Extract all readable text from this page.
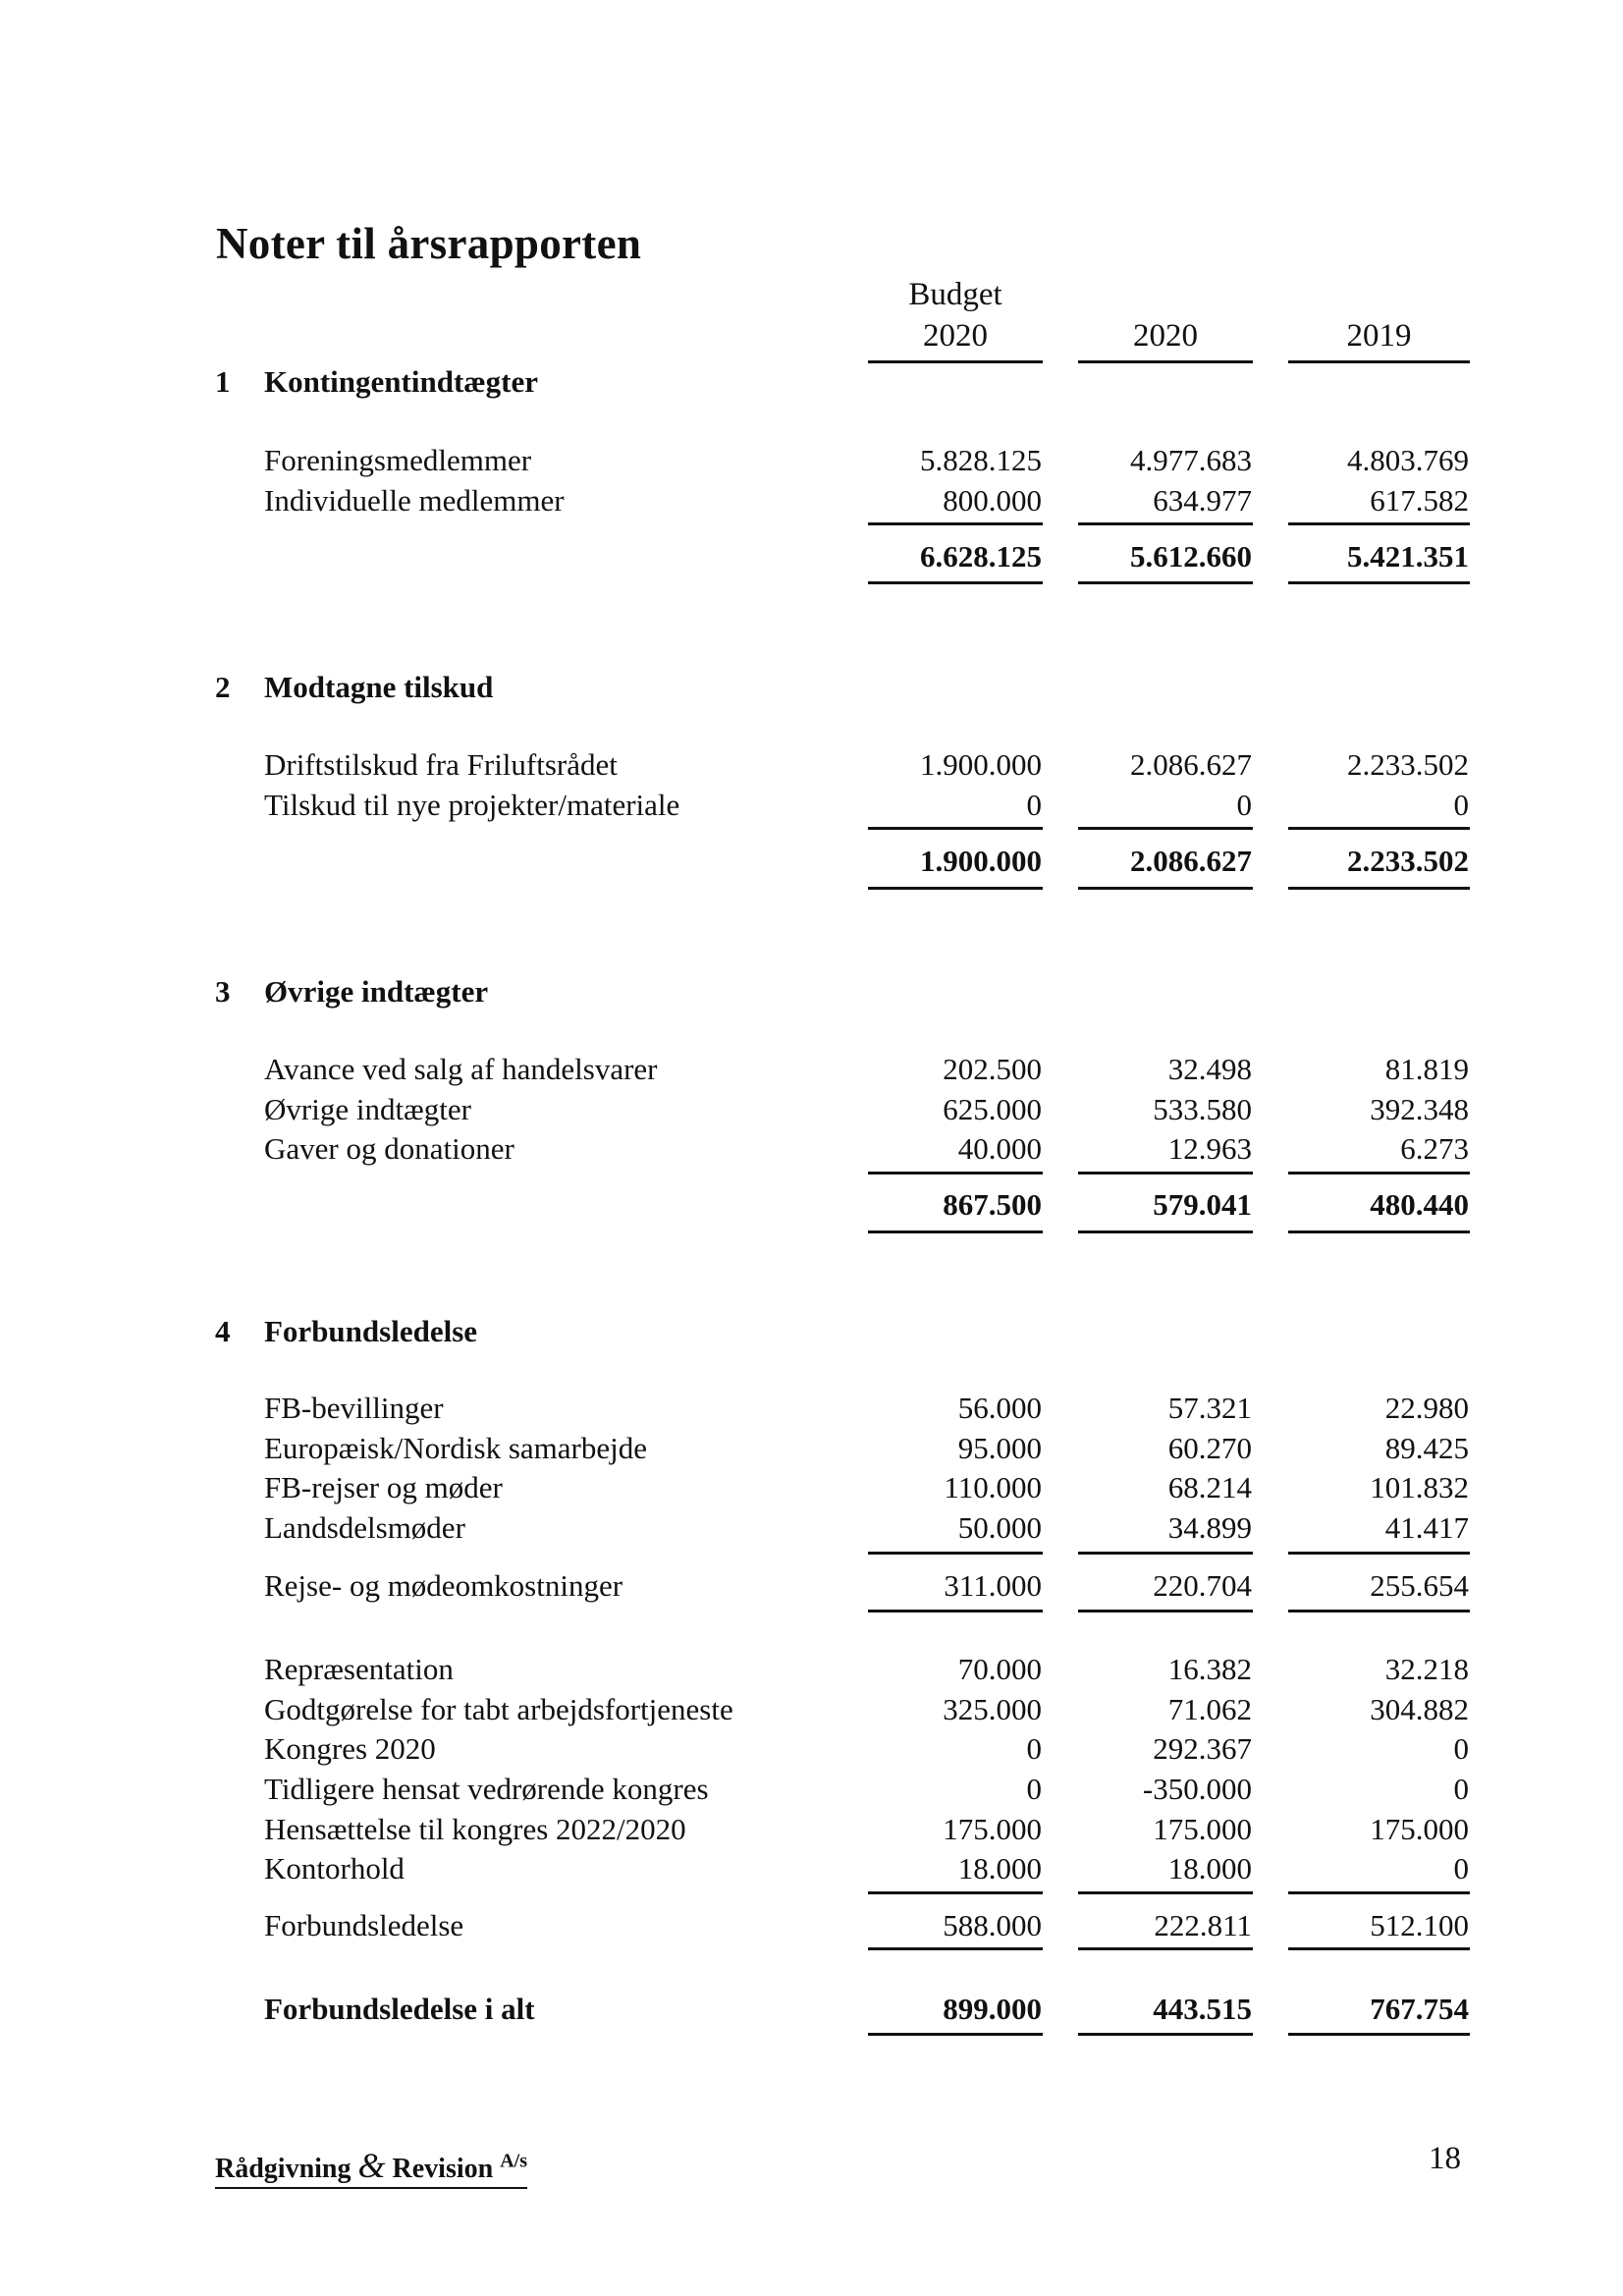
Noter til årsrapporten
Budget
2020	2020	2019
1 Kontingentindtægter
Foreningsmedlemmer	5.828.125	4.977.683	4.803.769
Individuelle medlemmer	800.000	634.977	617.582
6.628.125	5.612.660	5.421.351
2 Modtagne tilskud
Driftstilskud fra Friluftsrådet	1.900.000	2.086.627	2.233.502
Tilskud til nye projekter/materiale	0	0	0
1.900.000	2.086.627	2.233.502
3 Øvrige indtægter
Avance ved salg af handelsvarer	202.500	32.498	81.819
Øvrige indtægter	625.000	533.580	392.348
Gaver og donationer	40.000	12.963	6.273
867.500	579.041	480.440
4 Forbundsledelse
FB-bevillinger	56.000	57.321	22.980
Europæisk/Nordisk samarbejde	95.000	60.270	89.425
FB-rejser og møder	110.000	68.214	101.832
Landsdelsmøder	50.000	34.899	41.417
Rejse- og mødeomkostninger	311.000	220.704	255.654
Repræsentation	70.000	16.382	32.218
Godtgørelse for tabt arbejdsfortjeneste	325.000	71.062	304.882
Kongres 2020	0	292.367	0
Tidligere hensat vedrørende kongres	0	-350.000	0
Hensættelse til kongres 2022/2020	175.000	175.000	175.000
Kontorhold	18.000	18.000	0
Forbundsledelse	588.000	222.811	512.100
Forbundsledelse i alt	899.000	443.515	767.754
Rådgivning & Revision $^{A/s}$	18
